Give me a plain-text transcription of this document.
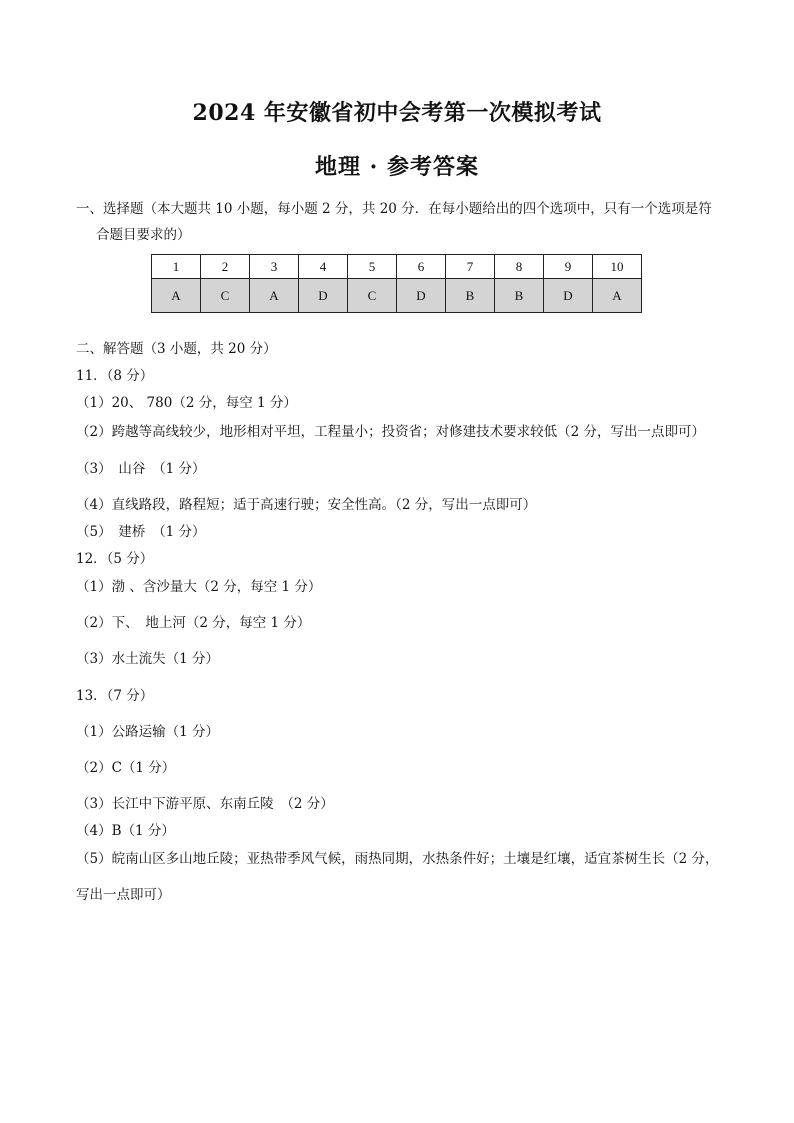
2024 年安徽省初中会考第一次模拟考试
地理 · 参考答案
一、选择题（本大题共 10 小题，每小题 2 分，共 20 分．在每小题给出的四个选项中，只有一个选项是符
合题目要求的）
1	2	3	4	5	6	7	8	9	10
A	C	A	D	C	D	B	B	D	A
二、解答题（3 小题，共 20 分）
11．（8 分）
（1）20、 780（2 分，每空 1 分）
（2）跨越等高线较少，地形相对平坦，工程量小；投资省；对修建技术要求较低（2 分，写出一点即可）
（3）　山谷　（1 分）
（4）直线路段，路程短；适于高速行驶；安全性高。（2 分，写出一点即可）
（5）　建桥　（1 分）
12．（5 分）
（1）渤 、含沙量大（2 分，每空 1 分）
（2）下、　地上河（2 分，每空 1 分）
（3）水土流失（1 分）
13．（7 分）
（1）公路运输（1 分）
（2）C（1 分）
（3）长江中下游平原、东南丘陵　（2 分）
（4）B（1 分）
（5）皖南山区多山地丘陵；亚热带季风气候，雨热同期，水热条件好；土壤是红壤，适宜茶树生长（2 分，
写出一点即可）
